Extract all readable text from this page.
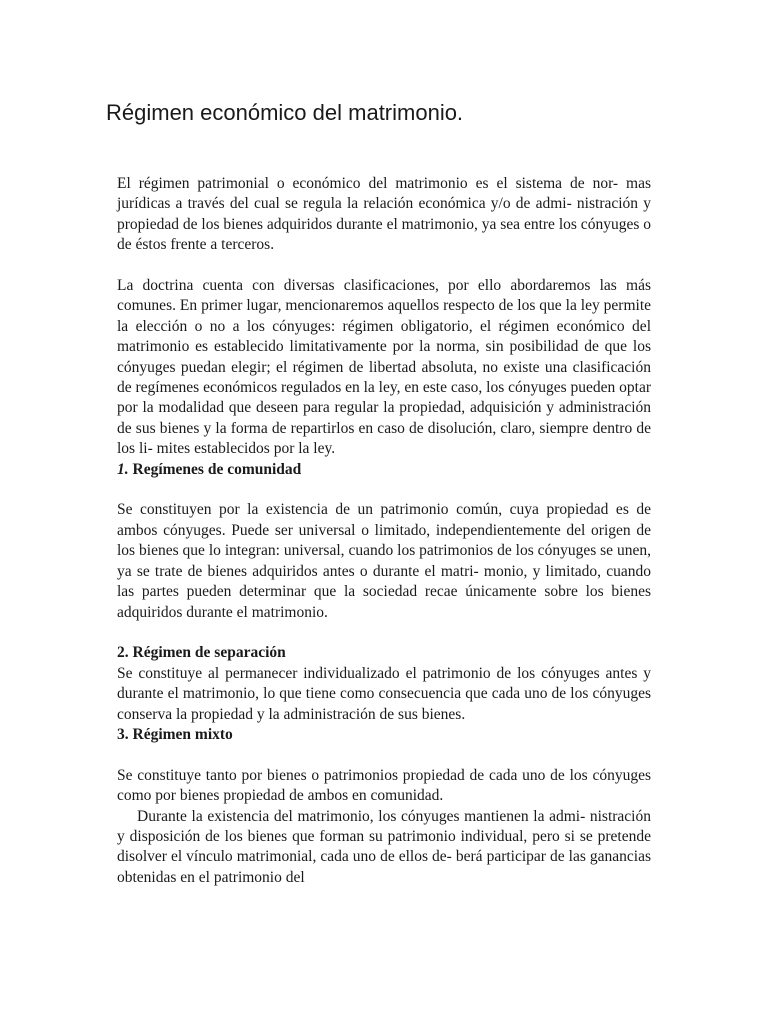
Régimen económico del matrimonio.

El régimen patrimonial o económico del matrimonio es el sistema de nor- mas jurídicas a través del cual se regula la relación económica y/o de admi- nistración y propiedad de los bienes adquiridos durante el matrimonio, ya sea entre los cónyuges o de éstos frente a terceros.

La doctrina cuenta con diversas clasificaciones, por ello abordaremos las más comunes. En primer lugar, mencionaremos aquellos respecto de los que la ley permite la elección o no a los cónyuges: régimen obligatorio, el régimen económico del matrimonio es establecido limitativamente por la norma, sin posibilidad de que los cónyuges puedan elegir; el régimen de libertad absoluta, no existe una clasificación de regímenes económicos regulados en la ley, en este caso, los cónyuges pueden optar por la modalidad que deseen para regular la propiedad, adquisición y administración de sus bienes y la forma de repartirlos en caso de disolución, claro, siempre dentro de los li- mites establecidos por la ley.

1. Regímenes de comunidad

Se constituyen por la existencia de un patrimonio común, cuya propiedad es de ambos cónyuges. Puede ser universal o limitado, independientemente del origen de los bienes que lo integran: universal, cuando los patrimonios de los cónyuges se unen, ya se trate de bienes adquiridos antes o durante el matri- monio, y limitado, cuando las partes pueden determinar que la sociedad recae únicamente sobre los bienes adquiridos durante el matrimonio.

2. Régimen de separación

Se constituye al permanecer individualizado el patrimonio de los cónyuges antes y durante el matrimonio, lo que tiene como consecuencia que cada uno de los cónyuges conserva la propiedad y la administración de sus bienes.

3. Régimen mixto

Se constituye tanto por bienes o patrimonios propiedad de cada uno de los cónyuges como por bienes propiedad de ambos en comunidad.

Durante la existencia del matrimonio, los cónyuges mantienen la admi- nistración y disposición de los bienes que forman su patrimonio individual, pero si se pretende disolver el vínculo matrimonial, cada uno de ellos de- berá participar de las ganancias obtenidas en el patrimonio del
